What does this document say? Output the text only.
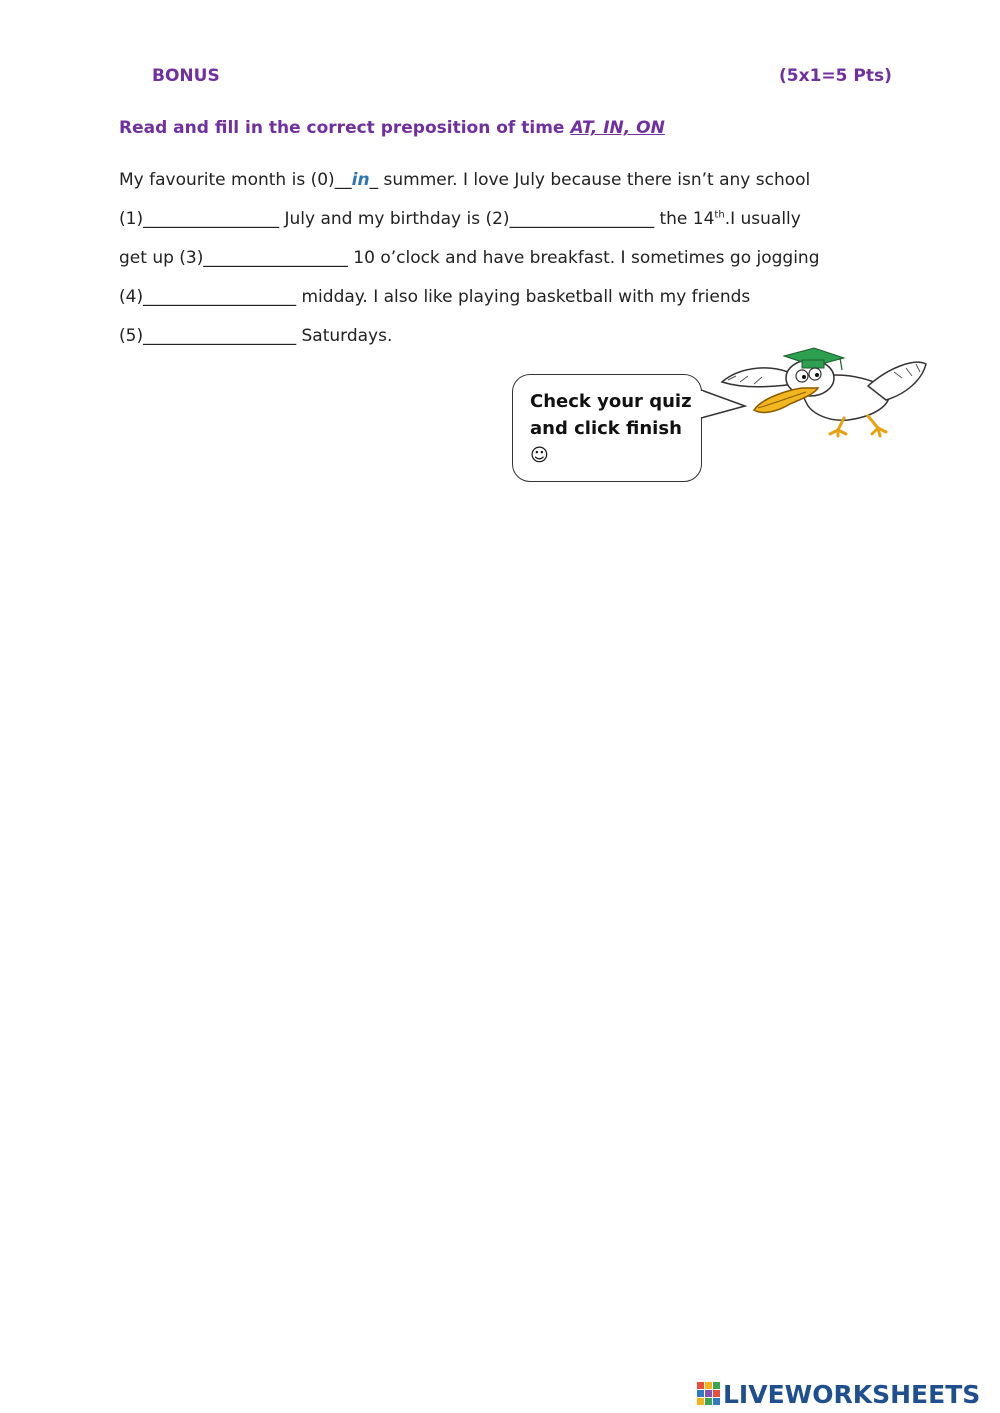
BONUS	(5x1=5 Pts)
Read and fill in the correct preposition of time AT, IN, ON
My favourite month is (0)__in_ summer. I love July because there isn’t any school
(1)________________ July and my birthday is (2)_________________ the 14th.I usually
get up (3)_________________ 10 o’clock and have breakfast. I sometimes go jogging
(4)__________________ midday. I also like playing basketball with my friends
(5)__________________ Saturdays.
Check your quiz
and click finish
☺
LIVEWORKSHEETS
